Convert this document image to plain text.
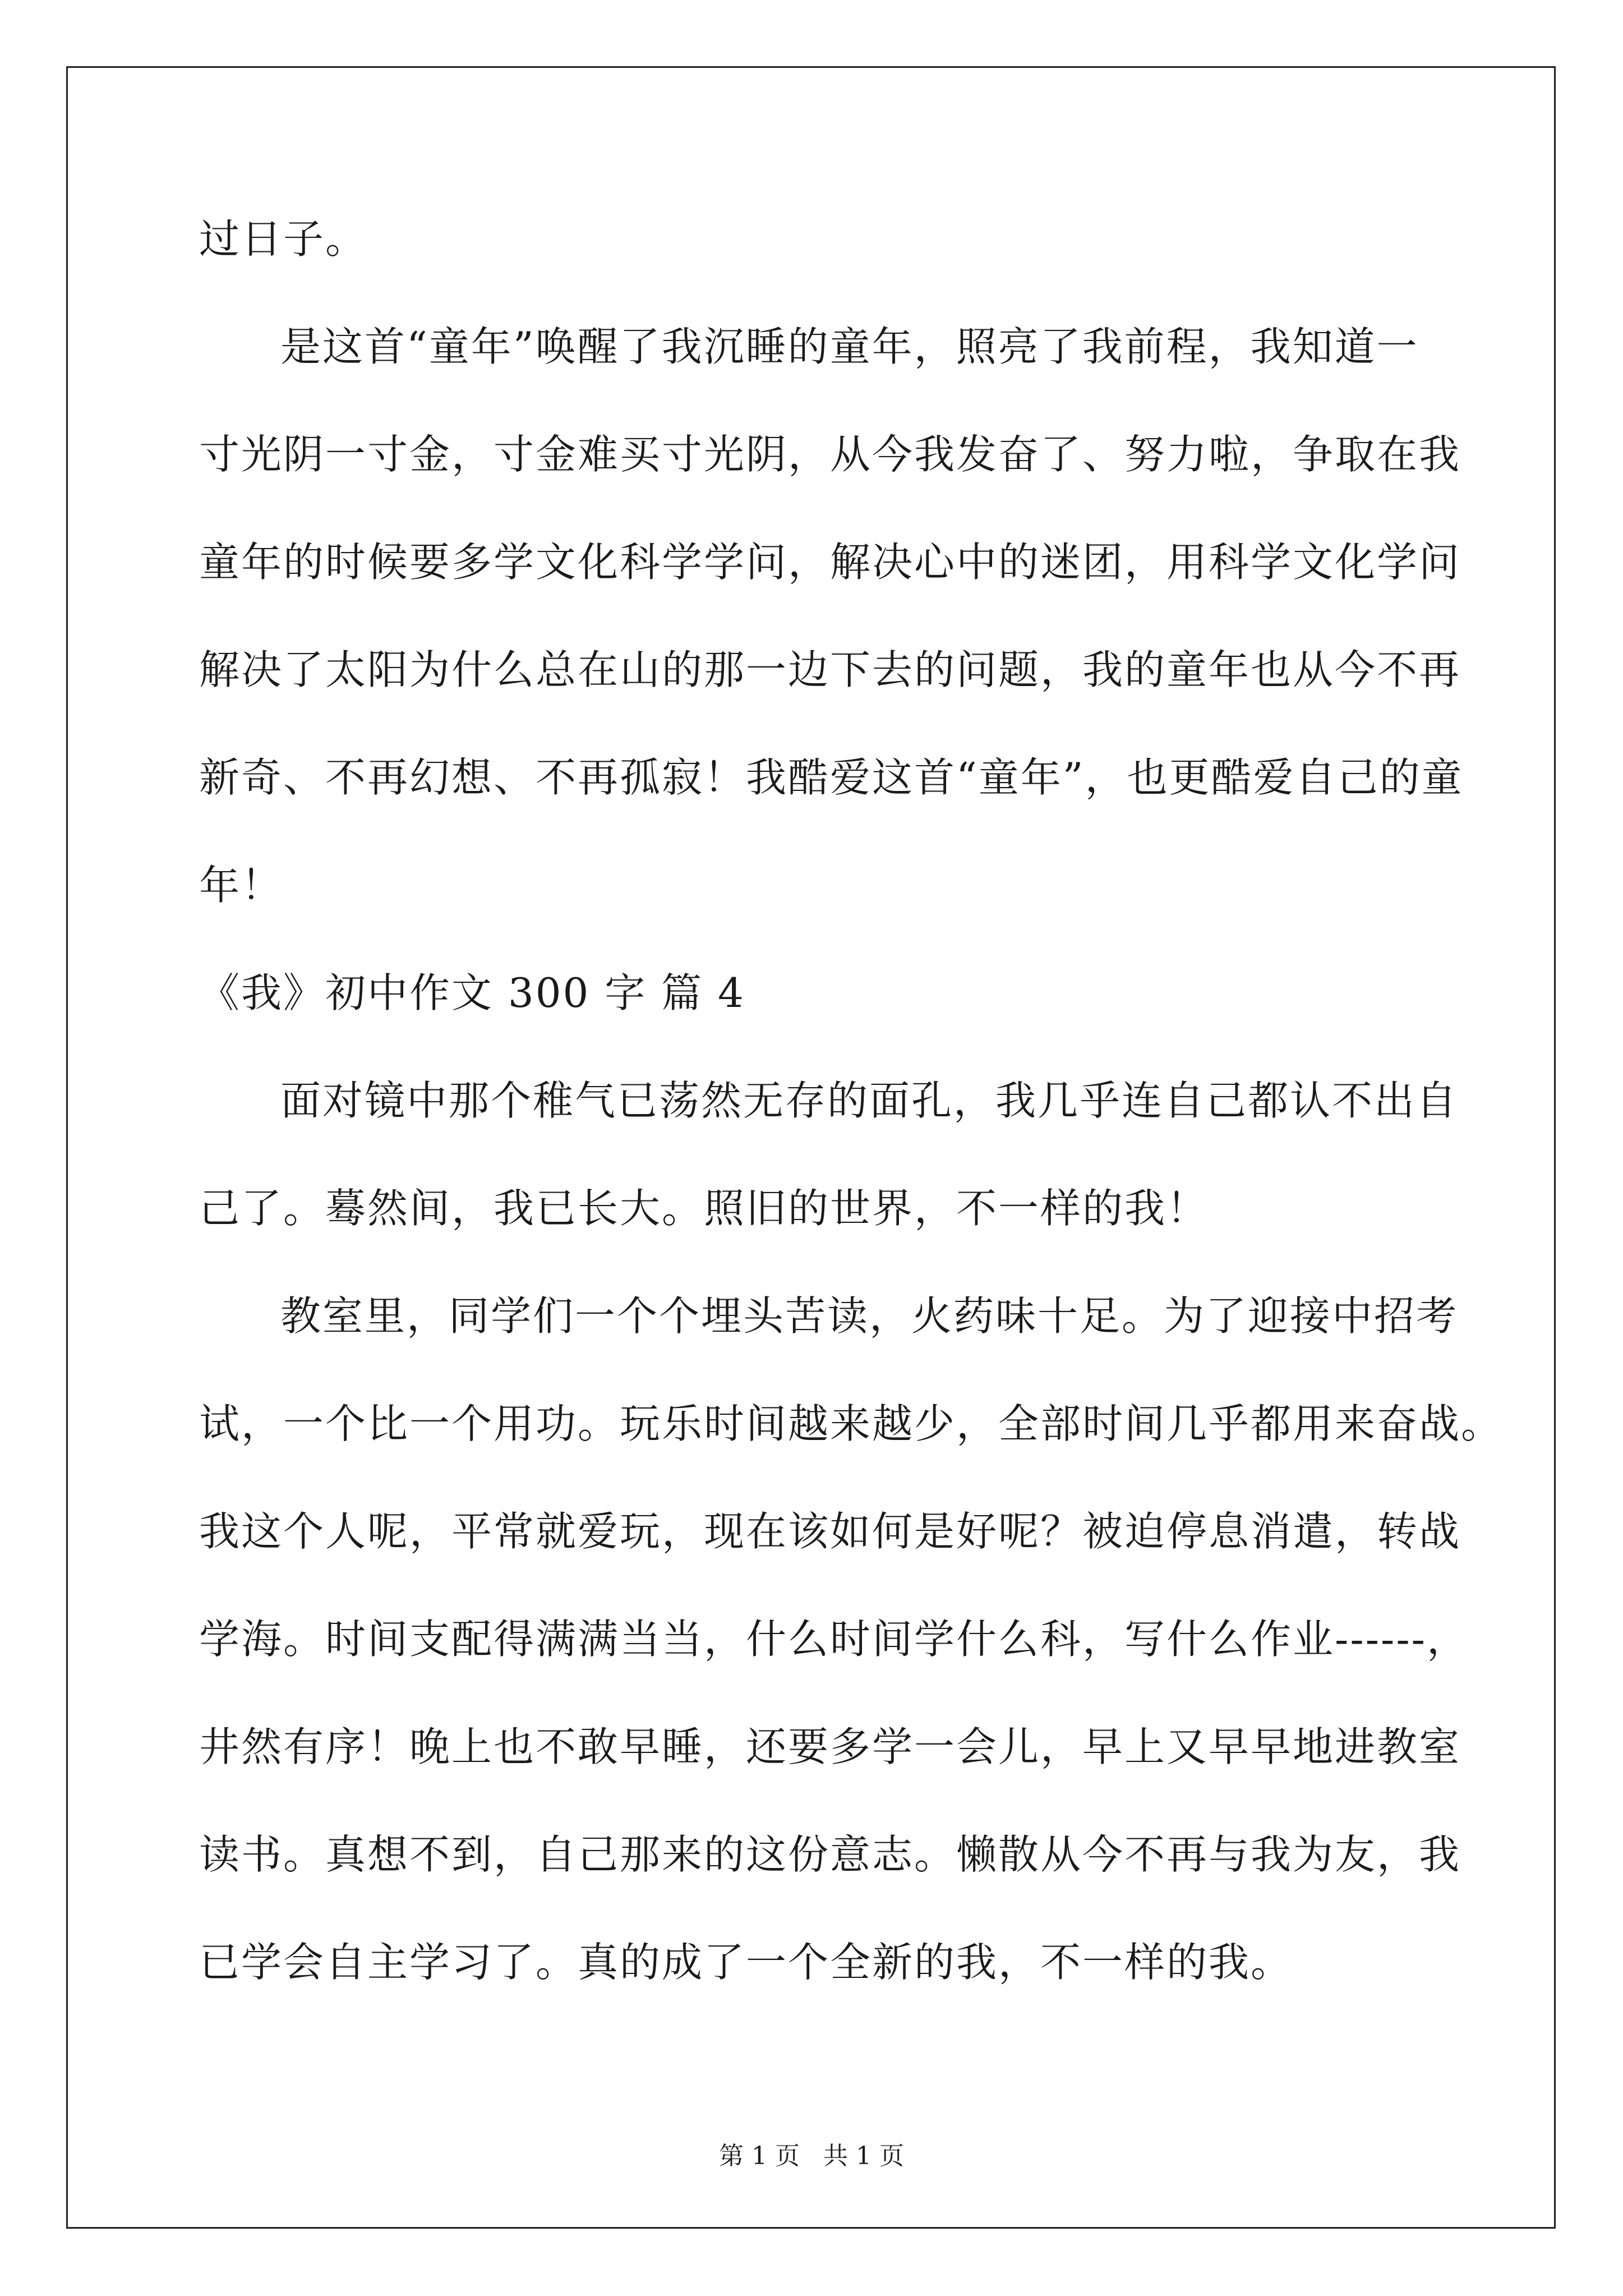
过日子。
是这首“童年”唤醒了我沉睡的童年，照亮了我前程，我知道一
寸光阴一寸金，寸金难买寸光阴，从今我发奋了、努力啦，争取在我
童年的时候要多学文化科学学问，解决心中的迷团，用科学文化学问
解决了太阳为什么总在山的那一边下去的问题，我的童年也从今不再
新奇、不再幻想、不再孤寂！我酷爱这首“童年”，也更酷爱自己的童
年！
《我》初中作文 300 字 篇 4
面对镜中那个稚气已荡然无存的面孔，我几乎连自己都认不出自
己了。蓦然间，我已长大。照旧的世界，不一样的我！
教室里，同学们一个个埋头苦读，火药味十足。为了迎接中招考
试，一个比一个用功。玩乐时间越来越少，全部时间几乎都用来奋战。
我这个人呢，平常就爱玩，现在该如何是好呢？被迫停息消遣，转战
学海。时间支配得满满当当，什么时间学什么科，写什么作业------，
井然有序！晚上也不敢早睡，还要多学一会儿，早上又早早地进教室
读书。真想不到，自己那来的这份意志。懒散从今不再与我为友，我
已学会自主学习了。真的成了一个全新的我，不一样的我。
第 1 页   共 1 页
